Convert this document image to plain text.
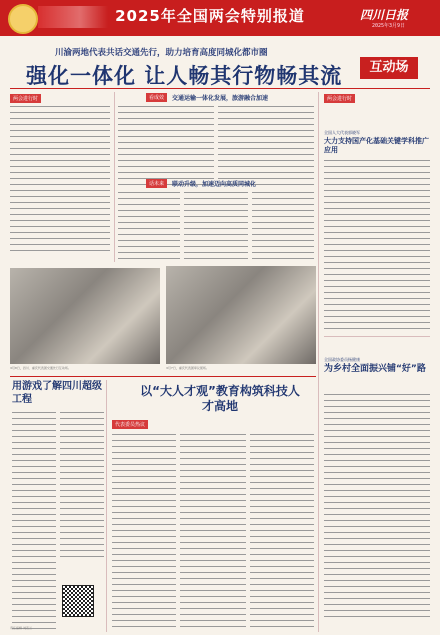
2025年全国两会特别报道	四川日报
2025年3月9日
川渝两地代表共话交通先行，助力培育高度同城化都市圈
强化一体化 让人畅其行物畅其流	互动场
两会进行时	看成效	交通运输一体化发展，旅游融合加速
话未来	联动升级，加速迈向高质同城化
3月8日，四川、重庆代表团交通先行互动场。	3月7日，重庆代表团审议现场。
用游戏了解四川超级工程
以“大人才观”教育构筑科技人才高地
代表委员热议
两会进行时
全国人大代表郭晓军
大力支持国产化基础关键学科推广应用
全国政协委员杨健康
为乡村全面振兴铺“好”路
责任编辑 刘若兰
